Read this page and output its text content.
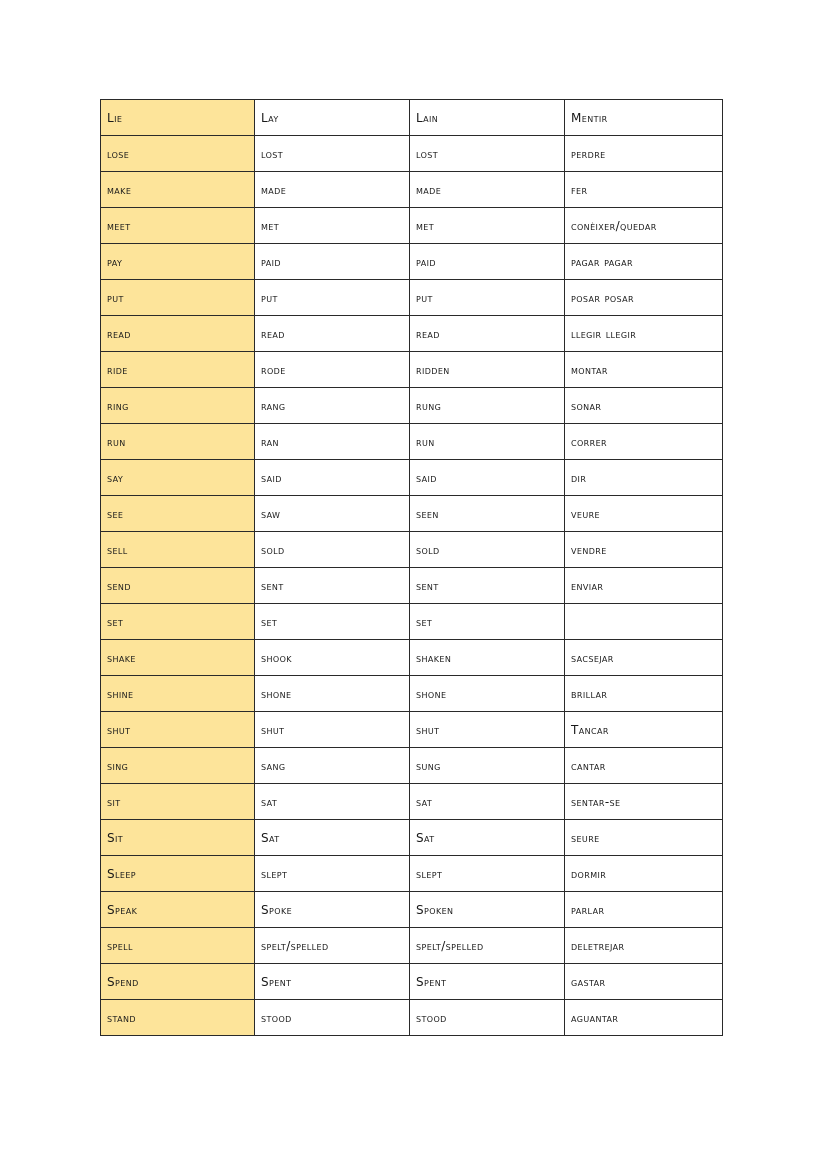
Lie	Lay	Lain	Mentir
lose	lost	lost	perdre
make	made	made	fer
meet	met	met	conèixer/quedar
pay	paid	paid	pagar pagar
put	put	put	posar posar
read	read	read	llegir llegir
ride	rode	ridden	montar
ring	rang	rung	sonar
run	ran	run	correr
say	said	said	dir
see	saw	seen	veure
sell	sold	sold	vendre
send	sent	sent	enviar
set	set	set	
shake	shook	shaken	sacsejar
shine	shone	shone	brillar
shut	shut	shut	Tancar
sing	sang	sung	cantar
sit	sat	sat	sentar-se
Sit	Sat	Sat	seure
Sleep	slept	slept	dormir
Speak	Spoke	Spoken	parlar
spell	spelt/spelled	spelt/spelled	deletrejar
Spend	Spent	Spent	gastar
stand	stood	stood	aguantar
